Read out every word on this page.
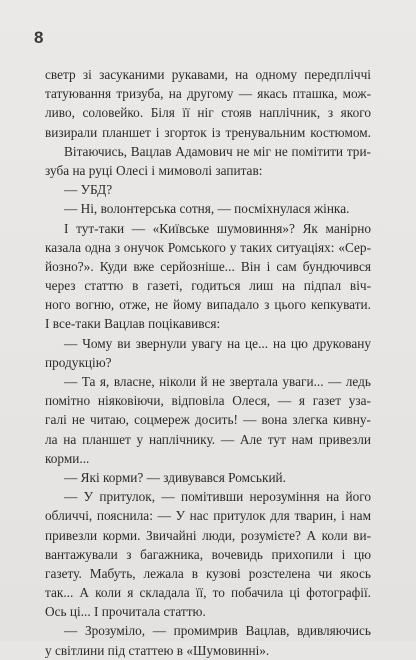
8
светр зі засуканими рукавами, на одному передпліччі
татуювання тризуба, на другому — якась пташка, мож-
ливо, соловейко. Біля її ніг стояв наплічник, з якого
визирали планшет і згорток із тренувальним костюмом.
Вітаючись, Вацлав Адамович не міг не помітити три-
зуба на руці Олесі і мимоволі запитав:
— УБД?
— Ні, волонтерська сотня, — посміхнулася жінка.
І тут-таки — «Київське шумовиння»? Як манірно
казала одна з онучок Ромського у таких ситуаціях: «Сер-
йозно?». Куди вже серйозніше... Він і сам бундючився
через статтю в газеті, годиться лиш на підпал віч-
ного вогню, отже, не йому випадало з цього кепкувати.
І все-таки Вацлав поцікавився:
— Чому ви звернули увагу на це... на цю друковану
продукцію?
— Та я, власне, ніколи й не звертала уваги... — ледь
помітно ніяковіючи, відповіла Олеся, — я газет уза-
галі не читаю, соцмереж досить! — вона злегка кивну-
ла на планшет у наплічнику. — Але тут нам привезли
корми...
— Які корми? — здивувався Ромський.
— У притулок, — помітивши нерозуміння на його
обличчі, пояснила: — У нас притулок для тварин, і нам
привезли корми. Звичайні люди, розумієте? А коли ви-
вантажували з багажника, вочевидь прихопили і цю
газету. Мабуть, лежала в кузові розстелена чи якось
так... А коли я складала її, то побачила ці фотографії.
Ось ці... І прочитала статтю.
— Зрозуміло, — промимрив Вацлав, вдивляючись
у світлини під статтею в «Шумовинні».
